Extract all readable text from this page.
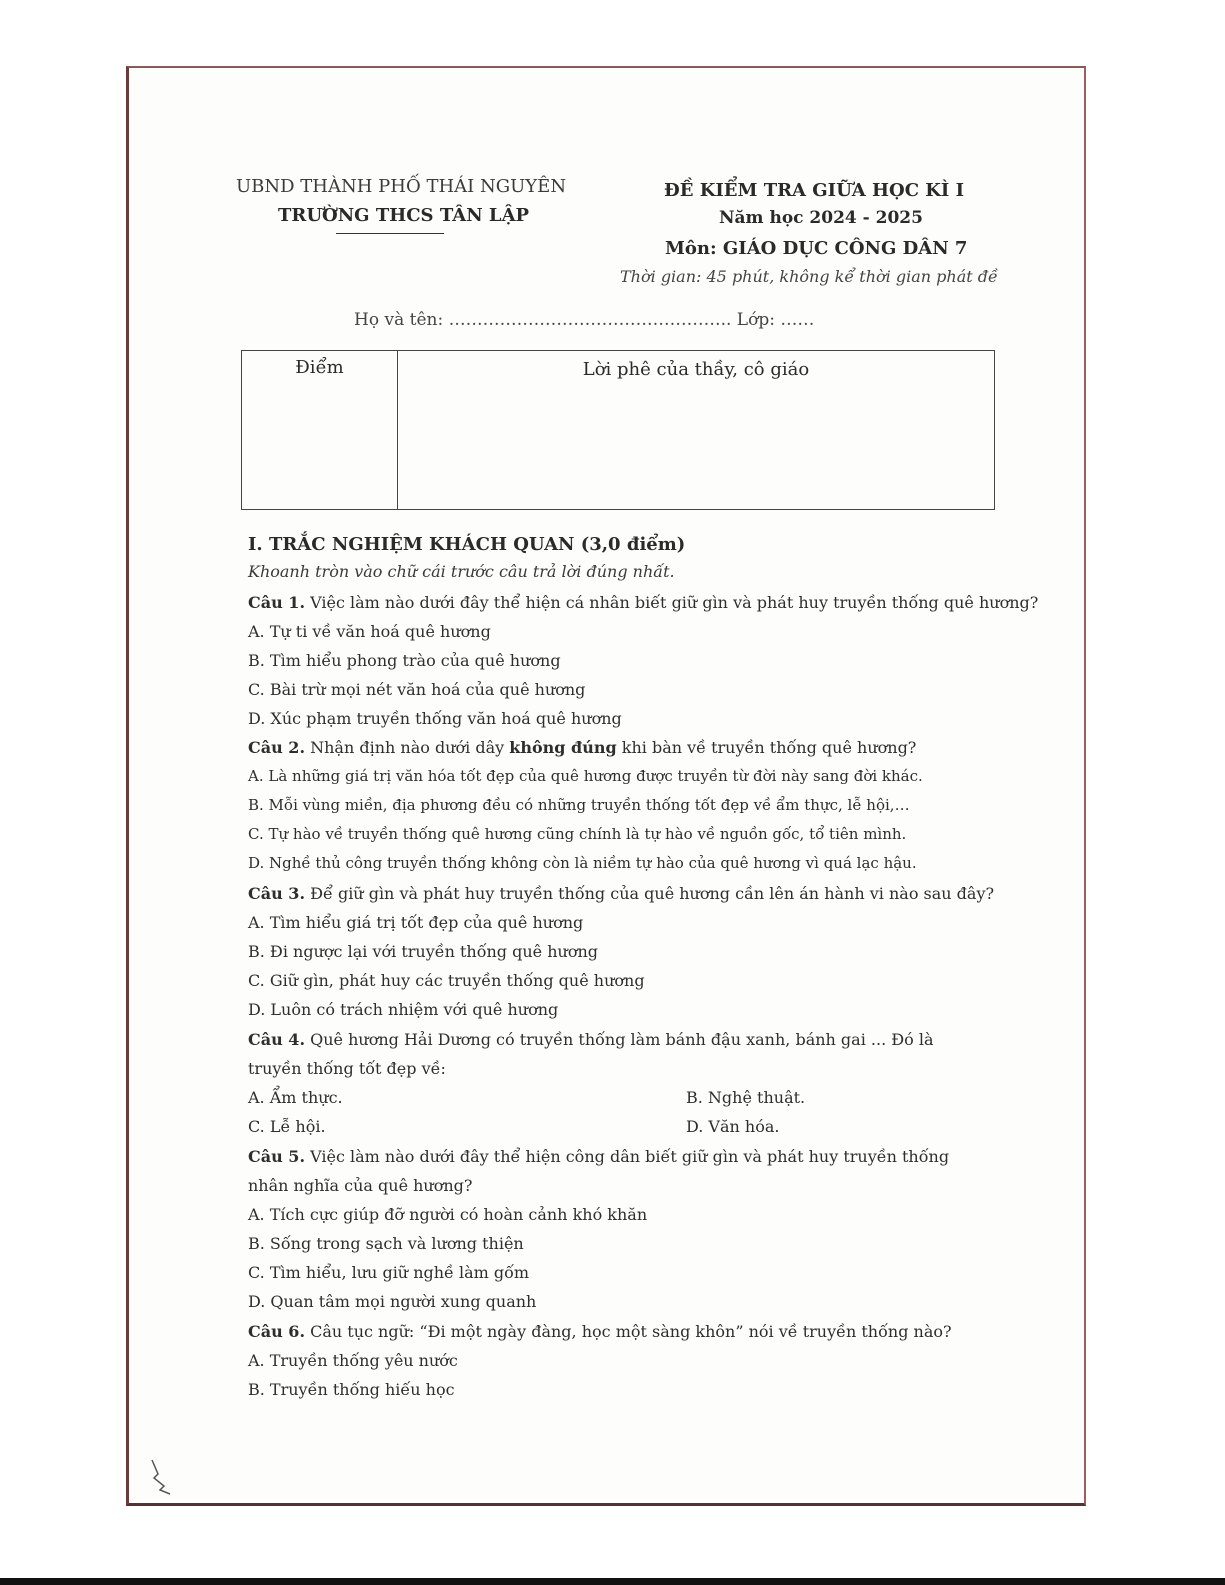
UBND THÀNH PHỐ THÁI NGUYÊN
TRƯỜNG THCS TÂN LẬP
ĐỀ KIỂM TRA GIỮA HỌC KÌ I
Năm học 2024 - 2025
Môn: GIÁO DỤC CÔNG DÂN 7
Thời gian: 45 phút, không kể thời gian phát đề
Họ và tên: ………………………………………….. Lớp: ……
Điểm	Lời phê của thầy, cô giáo
I. TRẮC NGHIỆM KHÁCH QUAN (3,0 điểm)
Khoanh tròn vào chữ cái trước câu trả lời đúng nhất.
Câu 1. Việc làm nào dưới đây thể hiện cá nhân biết giữ gìn và phát huy truyền thống quê hương?
A. Tự ti về văn hoá quê hương
B. Tìm hiểu phong trào của quê hương
C. Bài trừ mọi nét văn hoá của quê hương
D. Xúc phạm truyền thống văn hoá quê hương
Câu 2. Nhận định nào dưới dây không đúng khi bàn về truyền thống quê hương?
A. Là những giá trị văn hóa tốt đẹp của quê hương được truyền từ đời này sang đời khác.
B. Mỗi vùng miền, địa phương đều có những truyền thống tốt đẹp về ẩm thực, lễ hội,…
C. Tự hào về truyền thống quê hương cũng chính là tự hào về nguồn gốc, tổ tiên mình.
D. Nghề thủ công truyền thống không còn là niềm tự hào của quê hương vì quá lạc hậu.
Câu 3. Để giữ gìn và phát huy truyền thống của quê hương cần lên án hành vi nào sau đây?
A. Tìm hiểu giá trị tốt đẹp của quê hương
B. Đi ngược lại với truyền thống quê hương
C. Giữ gìn, phát huy các truyền thống quê hương
D. Luôn có trách nhiệm với quê hương
Câu 4. Quê hương Hải Dương có truyền thống làm bánh đậu xanh, bánh gai ... Đó là
truyền thống tốt đẹp về:
A. Ẩm thực.	B. Nghệ thuật.
C. Lễ hội.	D. Văn hóa.
Câu 5. Việc làm nào dưới đây thể hiện công dân biết giữ gìn và phát huy truyền thống
nhân nghĩa của quê hương?
A. Tích cực giúp đỡ người có hoàn cảnh khó khăn
B. Sống trong sạch và lương thiện
C. Tìm hiểu, lưu giữ nghề làm gốm
D. Quan tâm mọi người xung quanh
Câu 6. Câu tục ngữ: “Đi một ngày đàng, học một sàng khôn” nói về truyền thống nào?
A. Truyền thống yêu nước
B. Truyền thống hiếu học
